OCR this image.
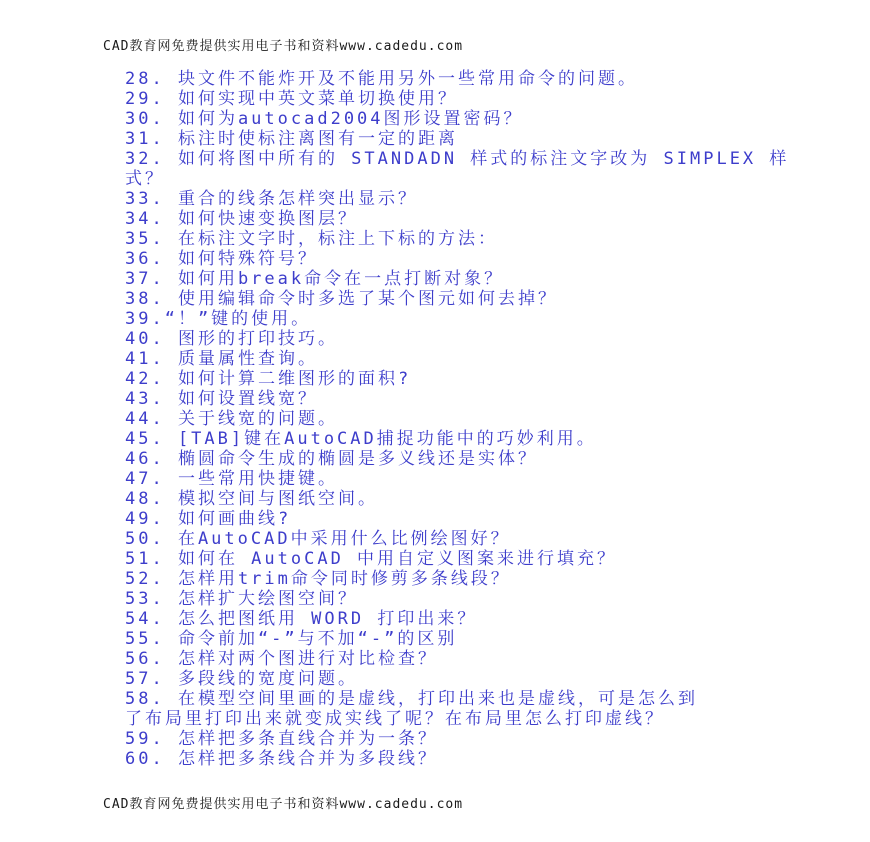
CAD教育网免费提供实用电子书和资料www.cadedu.com
28. 块文件不能炸开及不能用另外一些常用命令的问题。
29. 如何实现中英文菜单切换使用？
30. 如何为autocad2004图形设置密码？
31. 标注时使标注离图有一定的距离
32. 如何将图中所有的 STANDADN 样式的标注文字改为 SIMPLEX 样
式？
33. 重合的线条怎样突出显示？
34. 如何快速变换图层？
35. 在标注文字时，标注上下标的方法：
36. 如何特殊符号？
37. 如何用break命令在一点打断对象？
38. 使用编辑命令时多选了某个图元如何去掉？
39.“！”键的使用。
40. 图形的打印技巧。
41. 质量属性查询。
42. 如何计算二维图形的面积?
43. 如何设置线宽？
44. 关于线宽的问题。
45. [TAB]键在AutoCAD捕捉功能中的巧妙利用。
46. 椭圆命令生成的椭圆是多义线还是实体？
47. 一些常用快捷键。
48. 模拟空间与图纸空间。
49. 如何画曲线?
50. 在AutoCAD中采用什么比例绘图好？
51. 如何在 AutoCAD 中用自定义图案来进行填充？
52. 怎样用trim命令同时修剪多条线段？
53. 怎样扩大绘图空间？
54. 怎么把图纸用 WORD 打印出来？
55. 命令前加“-”与不加“-”的区别
56. 怎样对两个图进行对比检查？
57. 多段线的宽度问题。
58. 在模型空间里画的是虚线，打印出来也是虚线，可是怎么到
了布局里打印出来就变成实线了呢？在布局里怎么打印虚线？
59. 怎样把多条直线合并为一条？
60. 怎样把多条线合并为多段线？
CAD教育网免费提供实用电子书和资料www.cadedu.com
